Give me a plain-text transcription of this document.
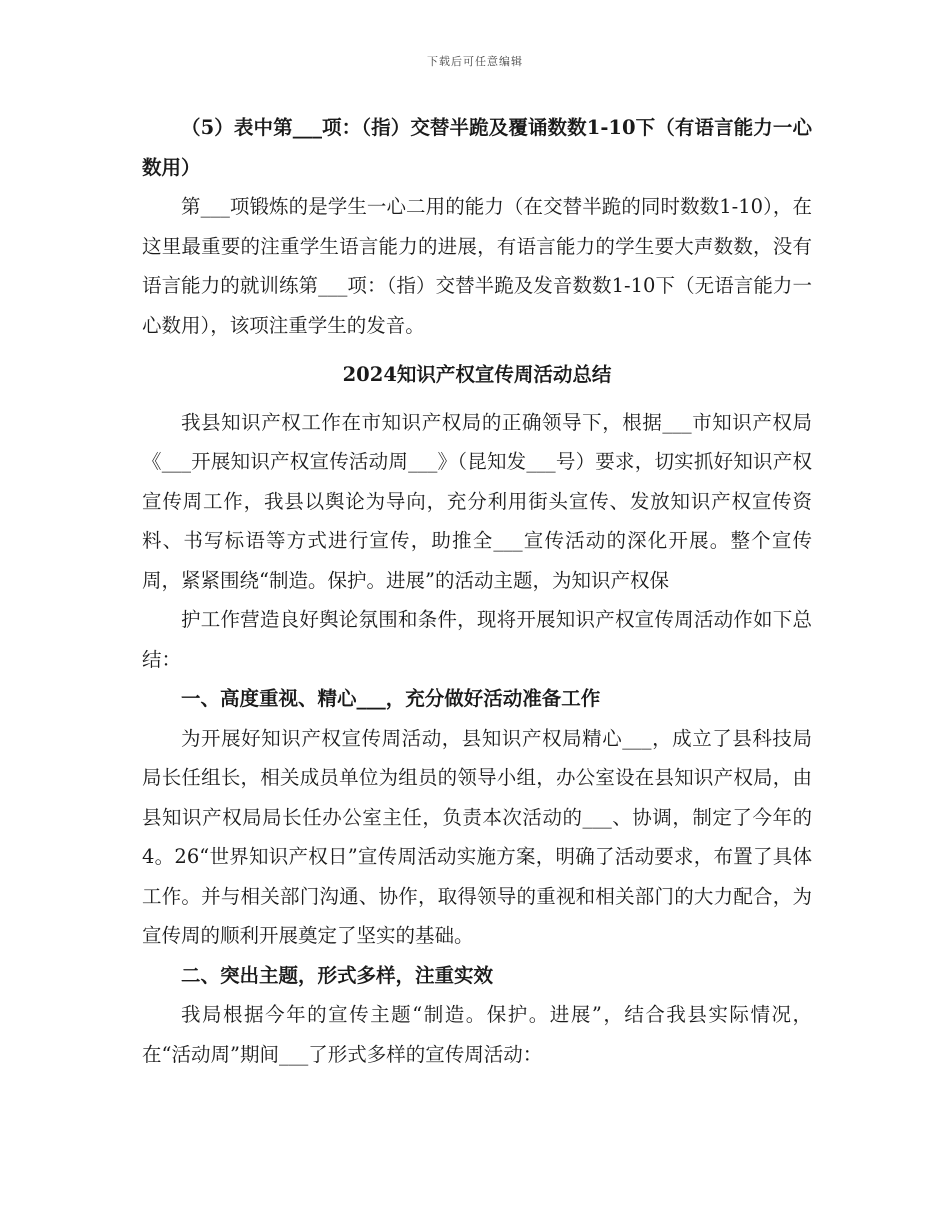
下载后可任意编辑

（5）表中第___项：（指）交替半跪及覆诵数数1-10下（有语言能力一心数用）

第___项锻炼的是学生一心二用的能力（在交替半跪的同时数数1-10），在这里最重要的注重学生语言能力的进展，有语言能力的学生要大声数数，没有语言能力的就训练第___项：（指）交替半跪及发音数数1-10下（无语言能力一心数用），该项注重学生的发音。

2024知识产权宣传周活动总结

我县知识产权工作在市知识产权局的正确领导下，根据___市知识产权局《___开展知识产权宣传活动周___》（昆知发___号）要求，切实抓好知识产权宣传周工作，我县以舆论为导向，充分利用街头宣传、发放知识产权宣传资料、书写标语等方式进行宣传，助推全___宣传活动的深化开展。整个宣传周，紧紧围绕“制造。保护。进展”的活动主题，为知识产权保

护工作营造良好舆论氛围和条件，现将开展知识产权宣传周活动作如下总结：

一、高度重视、精心___，充分做好活动准备工作

为开展好知识产权宣传周活动，县知识产权局精心___，成立了县科技局局长任组长，相关成员单位为组员的领导小组，办公室设在县知识产权局，由县知识产权局局长任办公室主任，负责本次活动的___、协调，制定了今年的4。26“世界知识产权日”宣传周活动实施方案，明确了活动要求，布置了具体工作。并与相关部门沟通、协作，取得领导的重视和相关部门的大力配合，为宣传周的顺利开展奠定了坚实的基础。

二、突出主题，形式多样，注重实效

我局根据今年的宣传主题“制造。保护。进展”，结合我县实际情况，在“活动周”期间___了形式多样的宣传周活动：
